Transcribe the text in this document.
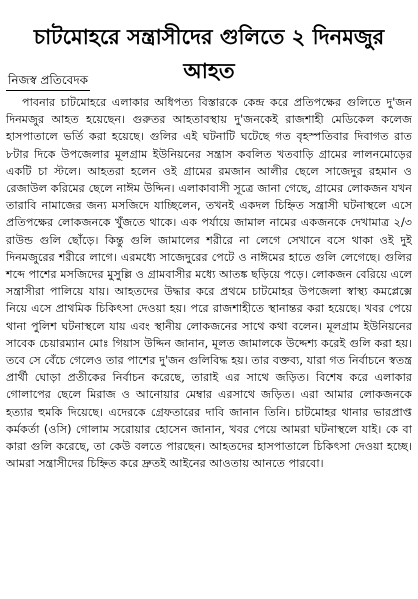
চাটমোহরে সন্ত্রাসীদের গুলিতে ২ দিনমজুর আহত
নিজস্ব প্রতিবেদক

পাবনার চাটমোহরে এলাকার অধিপত্য বিস্তারকে কেন্দ্র করে প্রতিপক্ষের গুলিতে দু'জন দিনমজুর আহত হয়েছেন। গুরুতর আহতাবস্থায় দু'জনকেই রাজশাহী মেডিকেল কলেজ হাসপাতালে ভর্তি করা হয়েছে। গুলির এই ঘটনাটি ঘটেছে গত বৃহস্পতিবার দিবাগত রাত ৮টার দিকে উপজেলার মূলগ্রাম ইউনিয়নের সন্ত্রাস কবলিত খতবাড়ি গ্রামের লালনমোড়ের একটি চা স্টলে। আহতরা হলেন ওই গ্রামের রমজান আলীর ছেলে সাজেদুর রহমান ও রেজাউল করিমের ছেলে নাঈম উদ্দিন। এলাকাবাসী সূত্রে জানা গেছে, গ্রামের লোকজন যখন তারাবি নামাজের জন্য মসজিদে যাচ্ছিলেন, তখনই একদল চিহ্নিত সন্ত্রাসী ঘটনাস্থলে এসে প্রতিপক্ষের লোকজনকে খুঁজতে থাকে। এক পর্যায়ে জামাল নামের একজনকে দেখামাত্র ২/৩ রাউন্ড গুলি ছোঁড়ে। কিন্তু গুলি জামালের শরীরে না লেগে সেখানে বসে থাকা ওই দুই দিনমজুরের শরীরে লাগে। এরমধ্যে সাজেদুরের পেটে ও নাঈমের হাতে গুলি লেগেছে। গুলির শব্দে পাশের মসজিদের মুসুল্লি ও গ্রামবাসীর মধ্যে আতঙ্ক ছড়িয়ে পড়ে। লোকজন বেরিয়ে এলে সন্ত্রাসীরা পালিয়ে যায়। আহতদের উদ্ধার করে প্রথমে চাটমোহর উপজেলা স্বাস্থ্য কমপ্লেক্সে নিয়ে এসে প্রাথমিক চিকিৎসা দেওয়া হয়। পরে রাজশাহীতে স্থানান্তর করা হয়েছে। খবর পেয়ে থানা পুলিশ ঘটনাস্থলে যায় এবং স্থানীয় লোকজনের সাথে কথা বলেন। মূলগ্রাম ইউনিয়নের সাবেক চেয়ারম্যান মোঃ গিয়াস উদ্দিন জানান, মূলত জামালকে উদ্দেশ্য করেই গুলি করা হয়। তবে সে বেঁচে গেলেও তার পাশের দু'জন গুলিবিদ্ধ হয়। তার বক্তব্য, যারা গত নির্বাচনে স্বতন্ত্র প্রার্থী ঘোড়া প্রতীকের নির্বাচন করেছে, তারাই এর সাথে জড়িত। বিশেষ করে এলাকার গোলাপের ছেলে মিরাজ ও আনোয়ার মেম্বার এরসাথে জড়িত। এরা আমার লোকজনকে হত্যার হুমকি দিয়েছে। এদেরকে গ্রেফতারের দাবি জানান তিনি। চাটমোহর থানার ভারপ্রাপ্ত কর্মকর্তা (ওসি) গোলাম সরোয়ার হোসেন জানান, খবর পেয়ে আমরা ঘটনাস্থলে যাই। কে বা কারা গুলি করেছে, তা কেউ বলতে পারছেন। আহতদের হাসপাতালে চিকিৎসা দেওয়া হচ্ছে। আমরা সন্ত্রাসীদের চিহ্নিত করে দ্রুতই আইনের আওতায় আনতে পারবো।
